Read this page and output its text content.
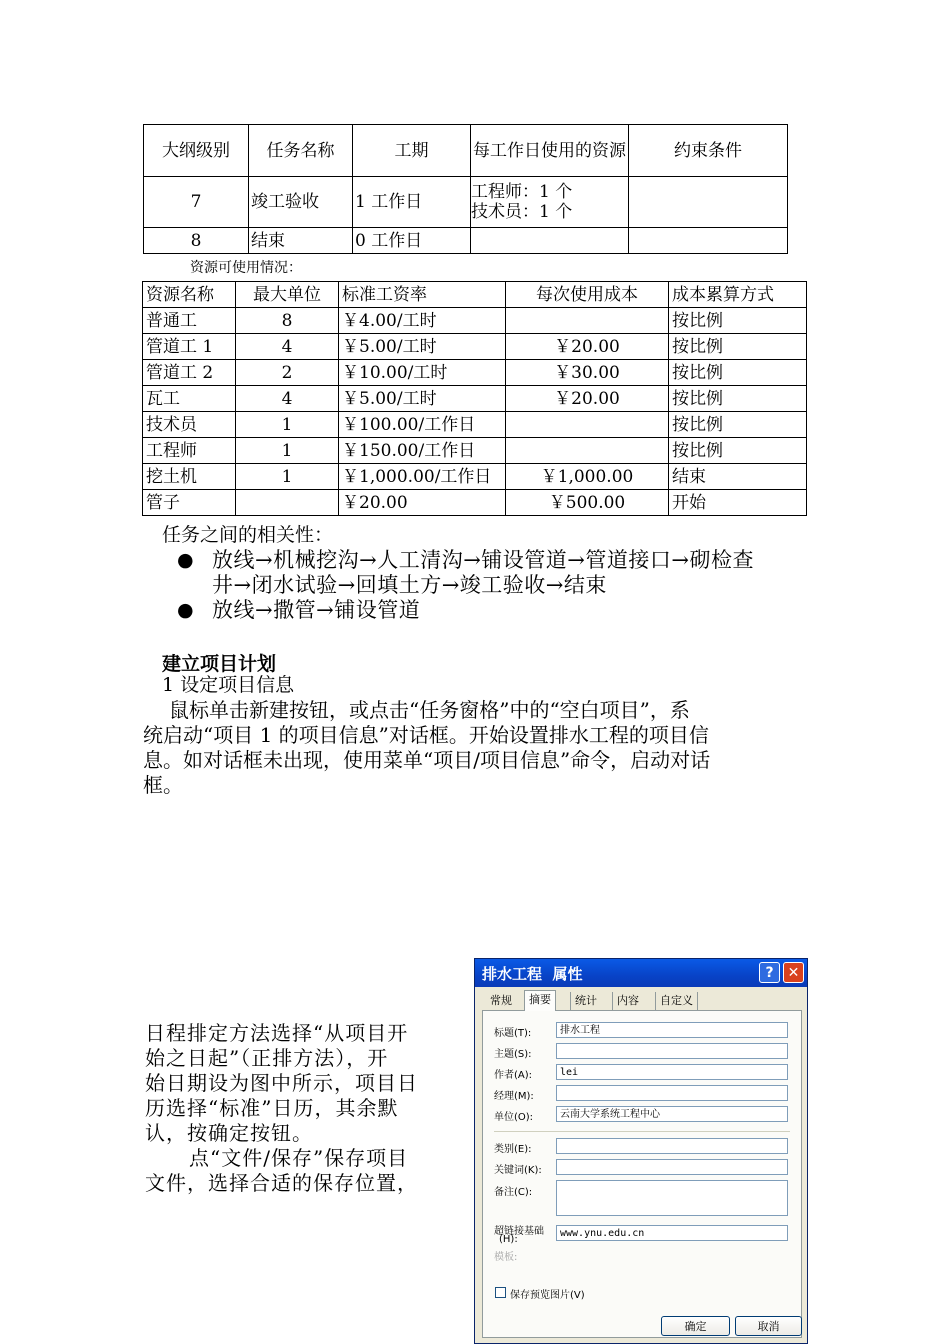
大纲级别	任务名称	工期	每工作日使用的资源	约束条件
7	竣工验收	1 工作日	工程师：1 个
技术员：1 个	

8	结束	0 工作日		
资源可使用情况：
资源名称	最大单位	标准工资率	每次使用成本	成本累算方式
普通工	8	￥4.00/工时		按比例
管道工 1	4	￥5.00/工时	￥20.00	按比例
管道工 2	2	￥10.00/工时	￥30.00	按比例
瓦工	4	￥5.00/工时	￥20.00	按比例
技术员	1	￥100.00/工作日		按比例
工程师	1	￥150.00/工作日		按比例
挖土机	1	￥1,000.00/工作日	￥1,000.00	结束
管子		￥20.00	￥500.00	开始
任务之间的相关性：
● 放线→机械挖沟→人工清沟→铺设管道→管道接口→砌检查
井→闭水试验→回填土方→竣工验收→结束
● 放线→撒管→铺设管道
建立项目计划
1 设定项目信息
鼠标单击新建按钮，或点击“任务窗格”中的“空白项目”，系
统启动“项目 1 的项目信息”对话框。开始设置排水工程的项目信
息。如对话框未出现，使用菜单“项目/项目信息”命令，启动对话
框。
日程排定方法选择“从项目开
始之日起”（正排方法），开
始日期设为图中所示，项目日
历选择“标准”日历，其余默
认，按确定按钮。
点“文件/保存”保存项目
文件，选择合适的保存位置，
排水工程  属性	?	✕
常规	摘要	统计	内容	自定义
标题(T):	排水工程
主题(S):
作者(A):	lei
经理(M):
单位(O):	云南大学系统工程中心
类别(E):
关键词(K):
备注(C):
超链接基础
(H):
www.ynu.edu.cn
模板:
保存预览图片(V)
确定	取消
